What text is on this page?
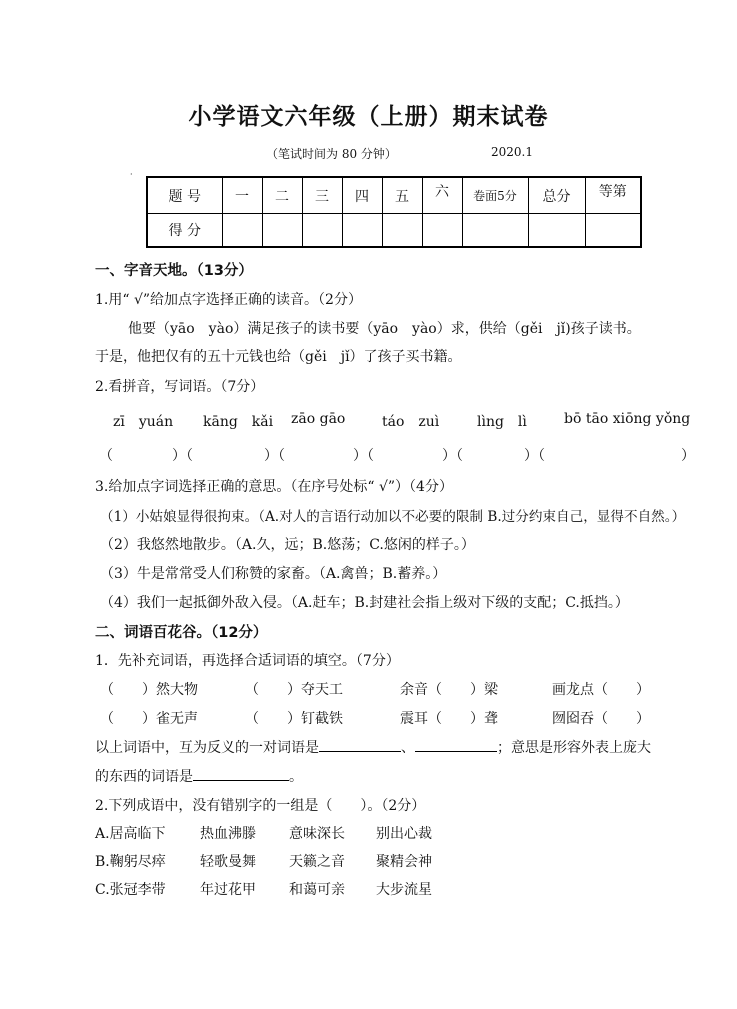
小学语文六年级（上册）期末试卷
（笔试时间为 80 分钟）	2020.1
·
题 号	一	二	三	四	五	六	卷面5分	总分	等第
得 分									
一、字音天地。（13分）
1.用“ √”给加点字选择正确的读音。（2分）
他要（yāo　yào）满足孩子的读书要（yāo　yào）求，供给（gěi　jǐ)孩子读书。
于是，他把仅有的五十元钱也给（gěi　jǐ）了孩子买书籍。
2.看拼音，写词语。（7分）
zī　yuán kāng　kǎi zāo gāo	táo　zuì	lìng　lì	bō tāo xiōng yǒng
（	）（	）（	）（	）（	）（	）
3.给加点字词选择正确的意思。（在序号处标“ √”）（4分）
（1）小姑娘显得很拘束。（A.对人的言语行动加以不必要的限制 B.过分约束自己，显得不自然。）
（2）我悠然地散步。（A.久，远；B.悠荡；C.悠闲的样子。）
（3）牛是常常受人们称赞的家畜。（A.禽兽；B.蓄养。）
（4）我们一起抵御外敌入侵。（A.赶车；B.封建社会指上级对下级的支配；C.抵挡。）
二、词语百花谷。（12分）
1．先补充词语，再选择合适词语的填空。（7分）
（　　）然大物	（　　）夺天工	余音（　　）梁	画龙点（　　）
（　　）雀无声	（　　）钉截铁	震耳（　　）聋	囫囵吞（　　）
以上词语中，互为反义的一对词语是	、	；意思是形容外表上庞大
的东西的词语是	。
2.下列成语中，没有错别字的一组是（　　）。（2分）
A.居高临下 热血沸滕 意味深长 别出心裁
B.鞠躬尽瘁 轻歌曼舞 天籁之音 聚精会神
C.张冠李带 年过花甲 和蔼可亲 大步流星
